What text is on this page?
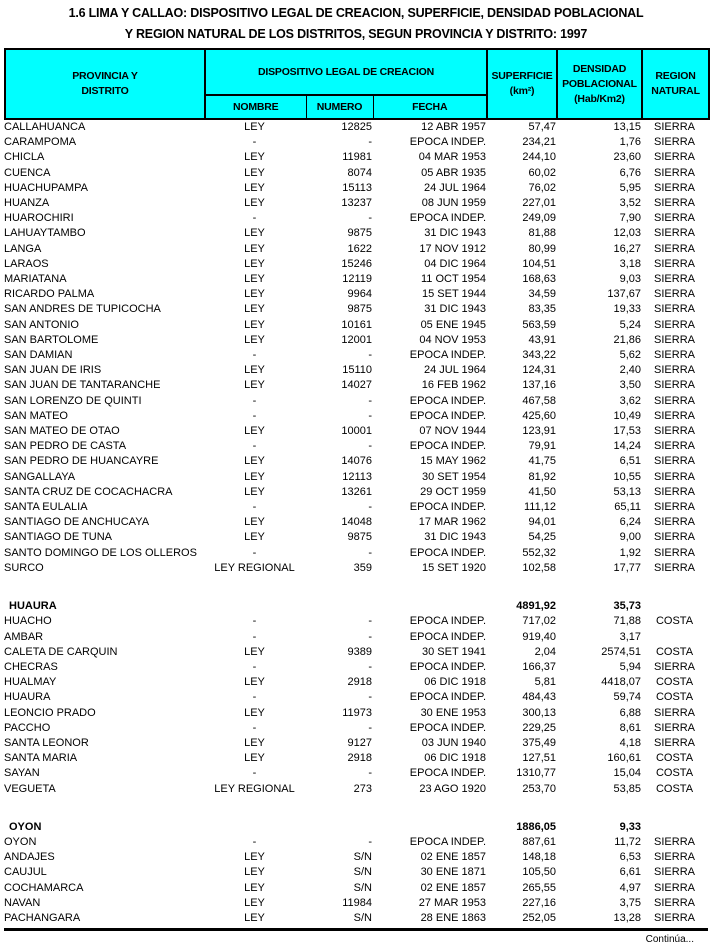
1.6 LIMA Y CALLAO: DISPOSITIVO LEGAL DE CREACION, SUPERFICIE, DENSIDAD POBLACIONAL
Y REGION NATURAL DE LOS DISTRITOS, SEGUN PROVINCIA Y DISTRITO: 1997
PROVINCIA Y
DISTRITO
	DISPOSITIVO LEGAL DE CREACION	SUPERFICIE
(km²)

DENSIDAD
POBLACIONAL
(Hab/Km2)

REGION
NATURAL

	NOMBRE	NUMERO	FECHA			
CALLAHUANCA	LEY	12825	12 ABR 1957	57,47	13,15	SIERRA
CARAMPOMA	-	-	EPOCA INDEP.	234,21	1,76	SIERRA
CHICLA	LEY	11981	04 MAR 1953	244,10	23,60	SIERRA
CUENCA	LEY	8074	05 ABR 1935	60,02	6,76	SIERRA
HUACHUPAMPA	LEY	15113	24 JUL 1964	76,02	5,95	SIERRA
HUANZA	LEY	13237	08 JUN 1959	227,01	3,52	SIERRA
HUAROCHIRI	-	-	EPOCA INDEP.	249,09	7,90	SIERRA
LAHUAYTAMBO	LEY	9875	31 DIC 1943	81,88	12,03	SIERRA
LANGA	LEY	1622	17 NOV 1912	80,99	16,27	SIERRA
LARAOS	LEY	15246	04 DIC 1964	104,51	3,18	SIERRA
MARIATANA	LEY	12119	11 OCT 1954	168,63	9,03	SIERRA
RICARDO PALMA	LEY	9964	15 SET 1944	34,59	137,67	SIERRA
SAN ANDRES DE TUPICOCHA	LEY	9875	31 DIC 1943	83,35	19,33	SIERRA
SAN ANTONIO	LEY	10161	05 ENE 1945	563,59	5,24	SIERRA
SAN BARTOLOME	LEY	12001	04 NOV 1953	43,91	21,86	SIERRA
SAN DAMIAN	-	-	EPOCA INDEP.	343,22	5,62	SIERRA
SAN JUAN DE IRIS	LEY	15110	24 JUL 1964	124,31	2,40	SIERRA
SAN JUAN DE TANTARANCHE	LEY	14027	16 FEB 1962	137,16	3,50	SIERRA
SAN LORENZO DE QUINTI	-	-	EPOCA INDEP.	467,58	3,62	SIERRA
SAN MATEO	-	-	EPOCA INDEP.	425,60	10,49	SIERRA
SAN MATEO DE OTAO	LEY	10001	07 NOV 1944	123,91	17,53	SIERRA
SAN PEDRO DE CASTA	-	-	EPOCA INDEP.	79,91	14,24	SIERRA
SAN PEDRO DE HUANCAYRE	LEY	14076	15 MAY 1962	41,75	6,51	SIERRA
SANGALLAYA	LEY	12113	30 SET 1954	81,92	10,55	SIERRA
SANTA CRUZ DE COCACHACRA	LEY	13261	29 OCT 1959	41,50	53,13	SIERRA
SANTA EULALIA	-	-	EPOCA INDEP.	111,12	65,11	SIERRA
SANTIAGO DE ANCHUCAYA	LEY	14048	17 MAR 1962	94,01	6,24	SIERRA
SANTIAGO DE TUNA	LEY	9875	31 DIC 1943	54,25	9,00	SIERRA
SANTO DOMINGO DE LOS OLLEROS	-	-	EPOCA INDEP.	552,32	1,92	SIERRA
SURCO	LEY REGIONAL	359	15 SET 1920	102,58	17,77	SIERRA

HUAURA				4891,92	35,73	
HUACHO	-	-	EPOCA INDEP.	717,02	71,88	COSTA
AMBAR	-	-	EPOCA INDEP.	919,40	3,17	
CALETA DE CARQUIN	LEY	9389	30 SET 1941	2,04	2574,51	COSTA
CHECRAS	-	-	EPOCA INDEP.	166,37	5,94	SIERRA
HUALMAY	LEY	2918	06 DIC 1918	5,81	4418,07	COSTA
HUAURA	-	-	EPOCA INDEP.	484,43	59,74	COSTA
LEONCIO PRADO	LEY	11973	30 ENE 1953	300,13	6,88	SIERRA
PACCHO	-	-	EPOCA INDEP.	229,25	8,61	SIERRA
SANTA LEONOR	LEY	9127	03 JUN 1940	375,49	4,18	SIERRA
SANTA MARIA	LEY	2918	06 DIC 1918	127,51	160,61	COSTA
SAYAN	-	-	EPOCA INDEP.	1310,77	15,04	COSTA
VEGUETA	LEY REGIONAL	273	23 AGO 1920	253,70	53,85	COSTA

OYON				1886,05	9,33	
OYON	-	-	EPOCA INDEP.	887,61	11,72	SIERRA
ANDAJES	LEY	S/N	02 ENE 1857	148,18	6,53	SIERRA
CAUJUL	LEY	S/N	30 ENE 1871	105,50	6,61	SIERRA
COCHAMARCA	LEY	S/N	02 ENE 1857	265,55	4,97	SIERRA
NAVAN	LEY	11984	27 MAR 1953	227,16	3,75	SIERRA
PACHANGARA	LEY	S/N	28 ENE 1863	252,05	13,28	SIERRA
Continúa...
